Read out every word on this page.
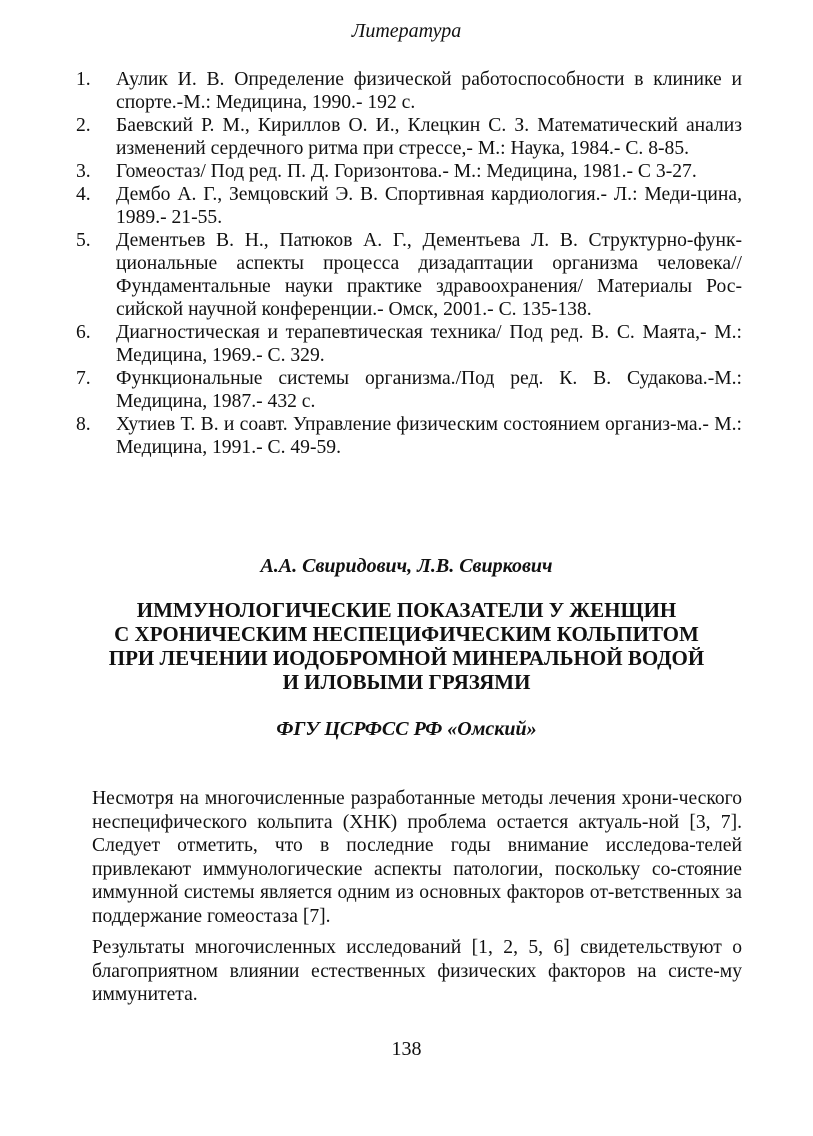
Литература
1.	Аулик И. В. Определение физической работоспособности в клинике и спорте.-М.: Медицина, 1990.- 192 с.
2.	Баевский Р. М., Кириллов О. И., Клецкин С. З. Математический анализ изменений сердечного ритма при стрессе,- М.: Наука, 1984.- С. 8-85.
3.	Гомеостаз/ Под ред. П. Д. Горизонтова.- М.: Медицина, 1981.- С 3-27.
4.	Дембо А. Г., Земцовский Э. В. Спортивная кардиология.- Л.: Меди-цина, 1989.- 21-55.
5.	Дементьев В. Н., Патюков А. Г., Дементьева Л. В. Структурно-функ-циональные аспекты процесса дизадаптации организма человека// Фундаментальные науки практике здравоохранения/ Материалы Рос-сийской научной конференции.- Омск, 2001.- С. 135-138.
6.	Диагностическая и терапевтическая техника/ Под ред. В. С. Маята,- М.: Медицина, 1969.- С. 329.
7.	Функциональные системы организма./Под ред. К. В. Судакова.-М.: Медицина, 1987.- 432 с.
8.	Хутиев Т. В. и соавт. Управление физическим состоянием организ-ма.- М.: Медицина, 1991.- С. 49-59.
А.А. Свиридович, Л.В. Свиркович
ИММУНОЛОГИЧЕСКИЕ ПОКАЗАТЕЛИ У ЖЕНЩИН
С ХРОНИЧЕСКИМ НЕСПЕЦИФИЧЕСКИМ КОЛЬПИТОМ
ПРИ ЛЕЧЕНИИ ИОДОБРОМНОЙ МИНЕРАЛЬНОЙ ВОДОЙ
И ИЛОВЫМИ ГРЯЗЯМИ
ФГУ ЦСРФСС РФ «Омский»

Несмотря на многочисленные разработанные методы лечения хрони-ческого неспецифического кольпита (ХНК) проблема остается актуаль-ной [3, 7]. Следует отметить, что в последние годы внимание исследова-телей привлекают иммунологические аспекты патологии, поскольку со-стояние иммунной системы является одним из основных факторов от-ветственных за поддержание гомеостаза [7].

Результаты многочисленных исследований [1, 2, 5, 6] свидетельствуют о благоприятном влиянии естественных физических факторов на систе-му иммунитета.

138
